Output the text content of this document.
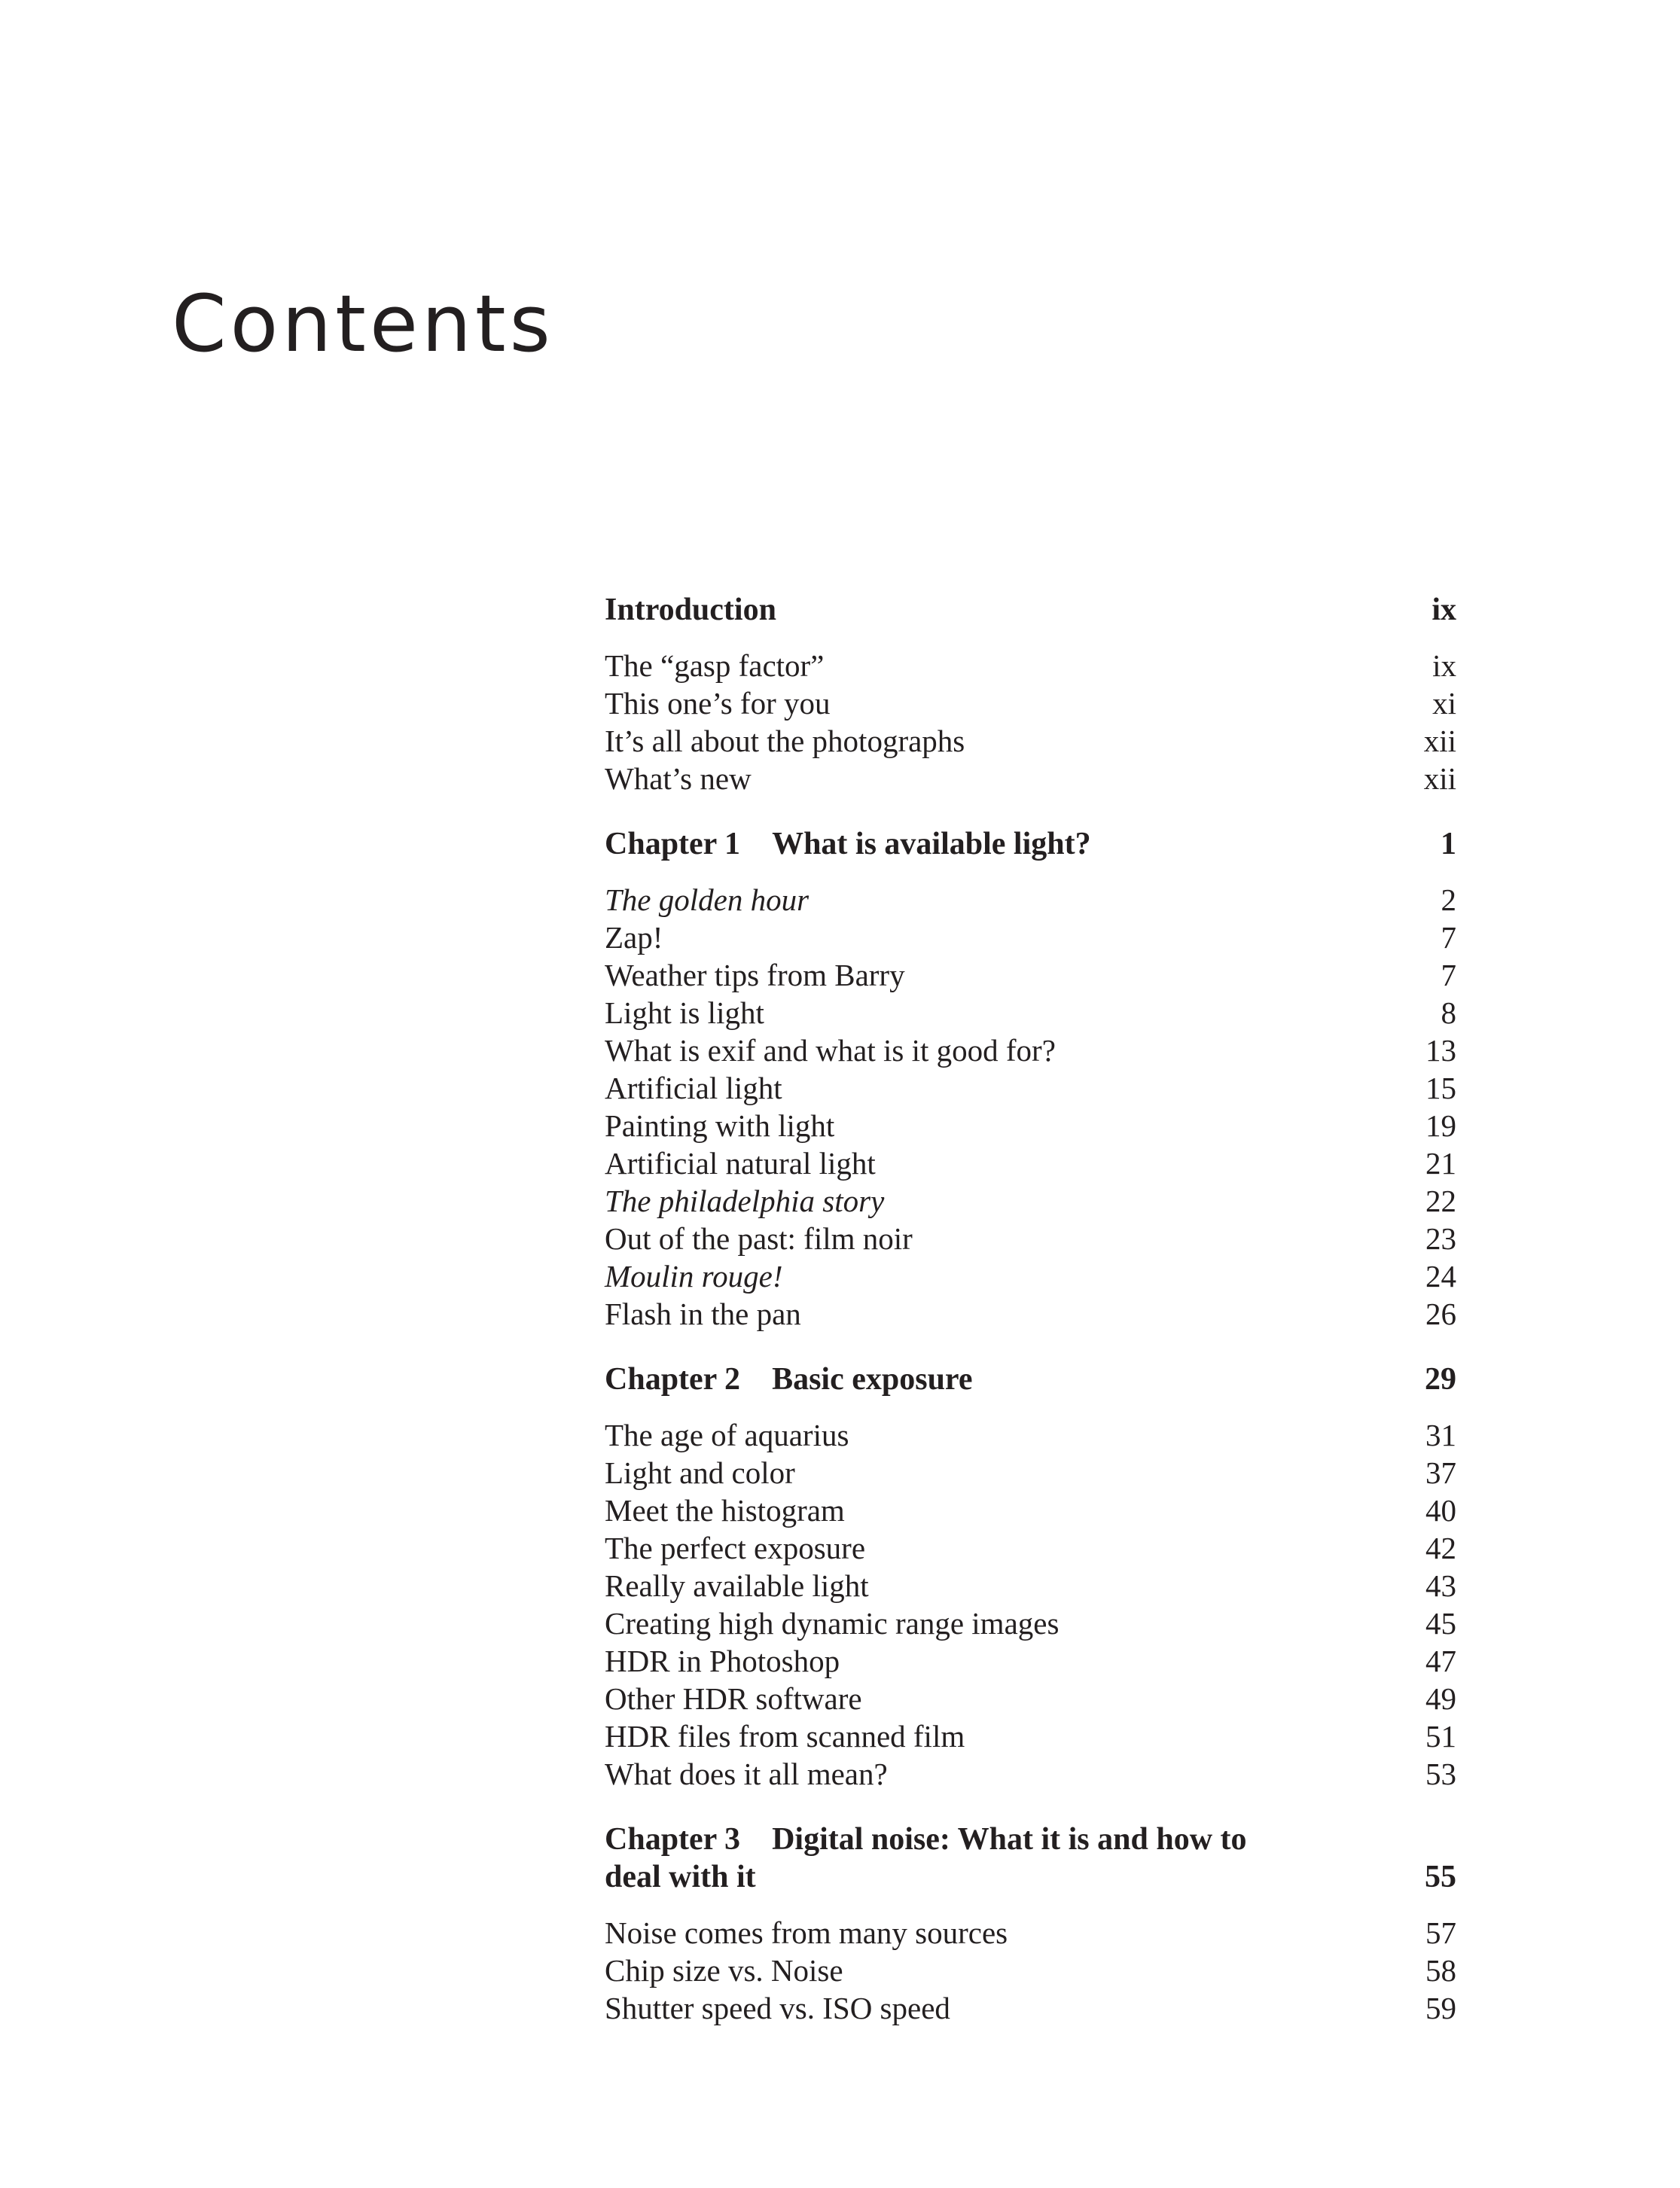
Contents
Introduction	ix
The “gasp factor”	ix
This one’s for you	xi
It’s all about the photographs	xii
What’s new	xii
Chapter 1 What is available light?	1
The golden hour	2
Zap!	7
Weather tips from Barry	7
Light is light	8
What is exif and what is it good for?	13
Artificial light	15
Painting with light	19
Artificial natural light	21
The philadelphia story	22
Out of the past: film noir	23
Moulin rouge!	24
Flash in the pan	26
Chapter 2 Basic exposure	29
The age of aquarius	31
Light and color	37
Meet the histogram	40
The perfect exposure	42
Really available light	43
Creating high dynamic range images	45
HDR in Photoshop	47
Other HDR software	49
HDR files from scanned film	51
What does it all mean?	53
Chapter 3 Digital noise: What it is and how to
deal with it	55
Noise comes from many sources	57
Chip size vs. Noise	58
Shutter speed vs. ISO speed	59
